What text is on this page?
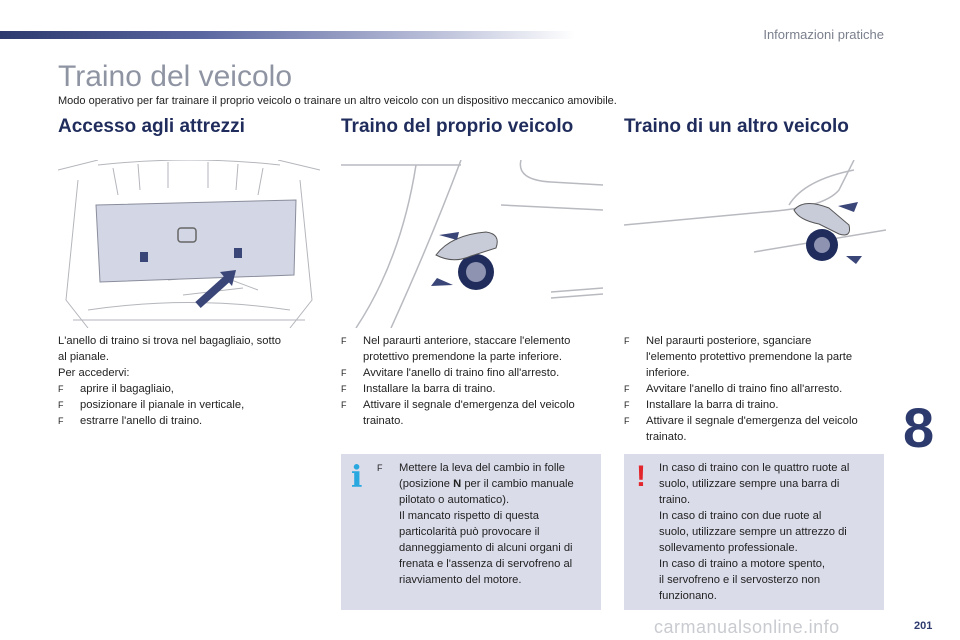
Informazioni pratiche
Traino del veicolo
Modo operativo per far trainare il proprio veicolo o trainare un altro veicolo con un dispositivo meccanico amovibile.
Accesso agli attrezzi	Traino del proprio veicolo	Traino di un altro veicolo

L'anello di traino si trova nel bagagliaio, sotto

al pianale.

Per accedervi:

F aprire il bagagliaio,
F posizionare il pianale in verticale,
F estrarre l'anello di traino.
F Nel paraurti anteriore, staccare l'elemento
protettivo premendone la parte inferiore.
F Avvitare l'anello di traino fino all'arresto.
F Installare la barra di traino.
F Attivare il segnale d'emergenza del veicolo
trainato.
F Nel paraurti posteriore, sganciare
l'elemento protettivo premendone la parte
inferiore.
F Avvitare l'anello di traino fino all'arresto.
F Installare la barra di traino.
F Attivare il segnale d'emergenza del veicolo
trainato.
i F Mettere la leva del cambio in folle
(posizione N per il cambio manuale
pilotato o automatico).
Il mancato rispetto di questa
particolarità può provocare il
danneggiamento di alcuni organi di
frenata e l'assenza di servofreno al
riavviamento del motore.
! In caso di traino con le quattro ruote al
suolo, utilizzare sempre una barra di
traino.
In caso di traino con due ruote al
suolo, utilizzare sempre un attrezzo di
sollevamento professionale.
In caso di traino a motore spento,
il servofreno e il servosterzo non
funzionano.
8
carmanualsonline.info	201
